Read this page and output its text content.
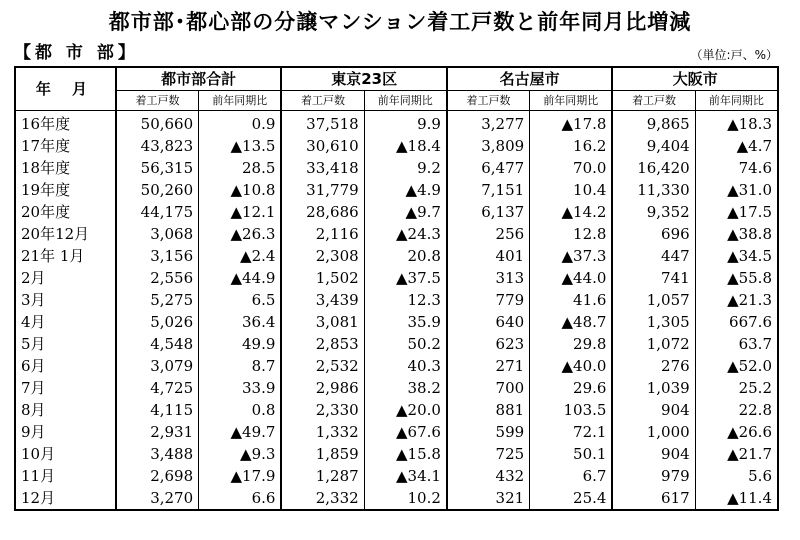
都市部･都心部の分譲マンション着工戸数と前年同月比増減
【都 市 部】	（単位:戸、%）
年 月	都市部合計		東京23区		名古屋市		大阪市	
	着工戸数	前年同期比	着工戸数	前年同期比	着工戸数	前年同期比	着工戸数	前年同期比
16年度	50,660	0.9	37,518	9.9	3,277	▲17.8	9,865	▲18.3
17年度	43,823	▲13.5	30,610	▲18.4	3,809	16.2	9,404	▲4.7
18年度	56,315	28.5	33,418	9.2	6,477	70.0	16,420	74.6
19年度	50,260	▲10.8	31,779	▲4.9	7,151	10.4	11,330	▲31.0
20年度	44,175	▲12.1	28,686	▲9.7	6,137	▲14.2	9,352	▲17.5
20年12月	3,068	▲26.3	2,116	▲24.3	256	12.8	696	▲38.8
21年 1月	3,156	▲2.4	2,308	20.8	401	▲37.3	447	▲34.5
2月	2,556	▲44.9	1,502	▲37.5	313	▲44.0	741	▲55.8
3月	5,275	6.5	3,439	12.3	779	41.6	1,057	▲21.3
4月	5,026	36.4	3,081	35.9	640	▲48.7	1,305	667.6
5月	4,548	49.9	2,853	50.2	623	29.8	1,072	63.7
6月	3,079	8.7	2,532	40.3	271	▲40.0	276	▲52.0
7月	4,725	33.9	2,986	38.2	700	29.6	1,039	25.2
8月	4,115	0.8	2,330	▲20.0	881	103.5	904	22.8
9月	2,931	▲49.7	1,332	▲67.6	599	72.1	1,000	▲26.6
10月	3,488	▲9.3	1,859	▲15.8	725	50.1	904	▲21.7
11月	2,698	▲17.9	1,287	▲34.1	432	6.7	979	5.6
12月	3,270	6.6	2,332	10.2	321	25.4	617	▲11.4
